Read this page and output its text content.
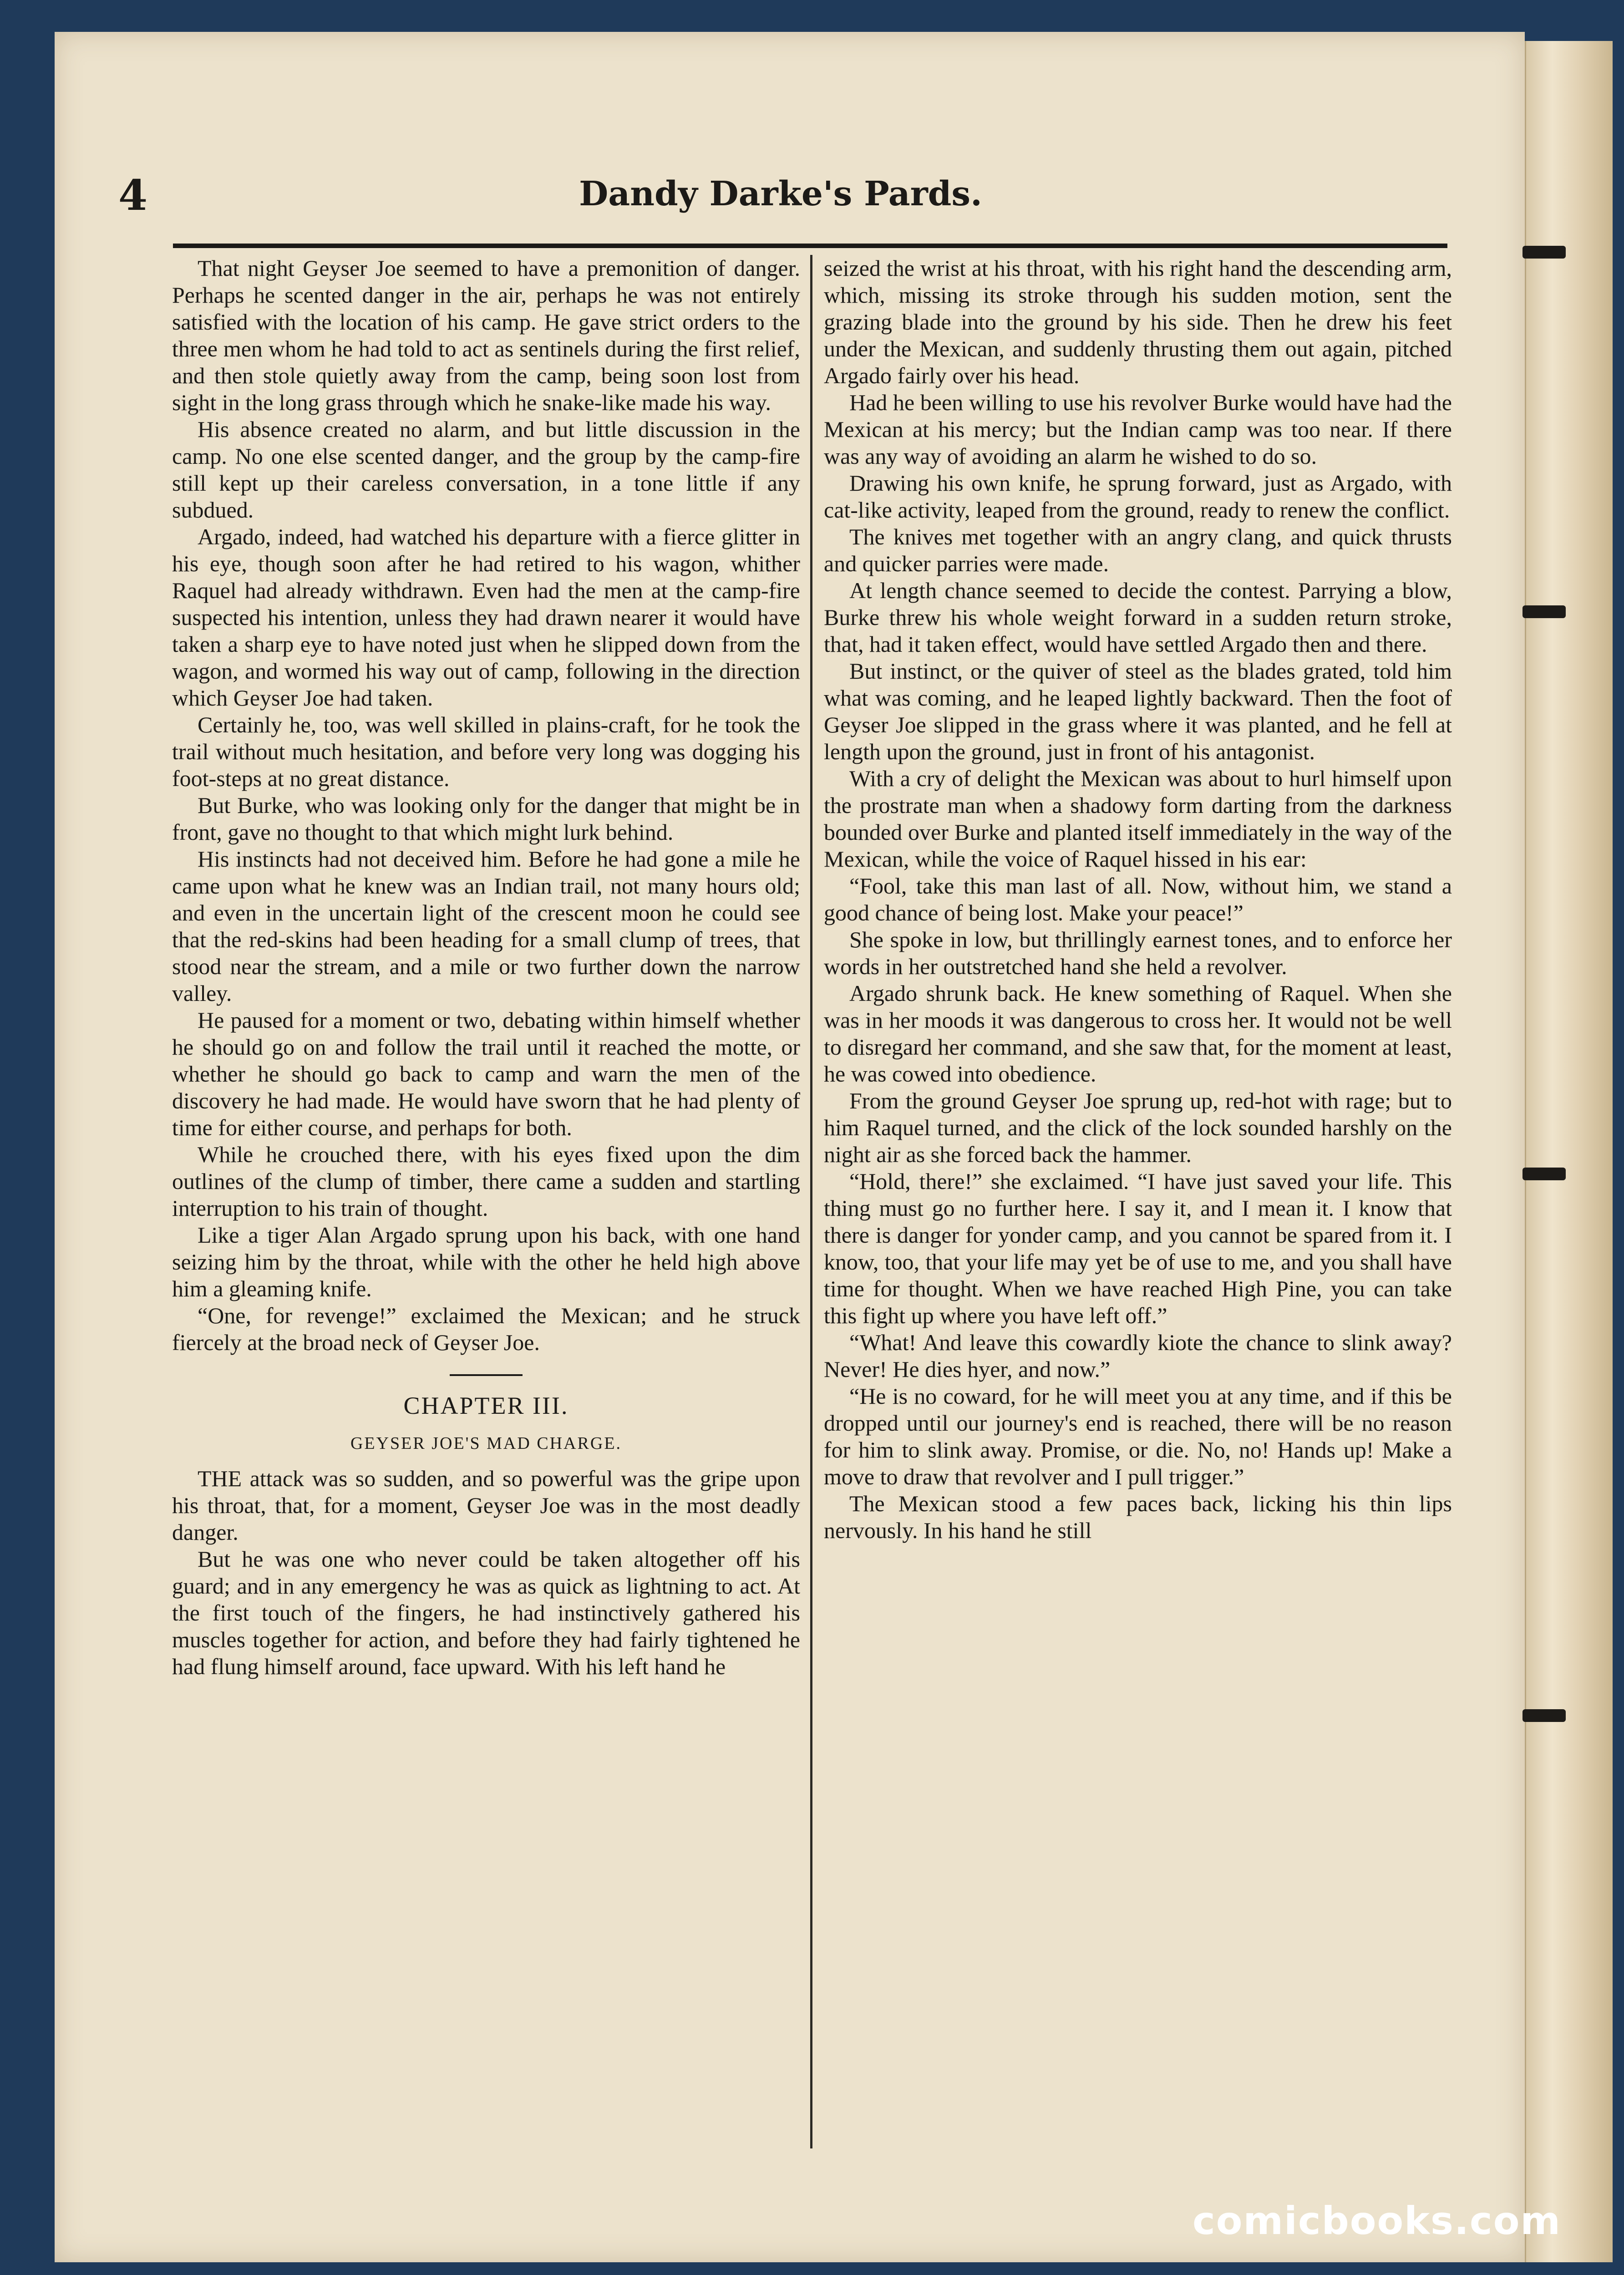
4	Dandy Darke's Pards.

That night Geyser Joe seemed to have a premonition of danger. Perhaps he scented danger in the air, perhaps he was not entirely satisfied with the location of his camp. He gave strict orders to the three men whom he had told to act as sentinels during the first relief, and then stole quietly away from the camp, being soon lost from sight in the long grass through which he snake-like made his way.

His absence created no alarm, and but little discussion in the camp. No one else scented danger, and the group by the camp-fire still kept up their careless conversation, in a tone little if any subdued.

Argado, indeed, had watched his departure with a fierce glitter in his eye, though soon after he had retired to his wagon, whither Raquel had already withdrawn. Even had the men at the camp-fire suspected his intention, unless they had drawn nearer it would have taken a sharp eye to have noted just when he slipped down from the wagon, and wormed his way out of camp, following in the direction which Geyser Joe had taken.

Certainly he, too, was well skilled in plains-craft, for he took the trail without much hesitation, and before very long was dogging his foot-steps at no great distance.

But Burke, who was looking only for the danger that might be in front, gave no thought to that which might lurk behind.

His instincts had not deceived him. Before he had gone a mile he came upon what he knew was an Indian trail, not many hours old; and even in the uncertain light of the crescent moon he could see that the red-skins had been heading for a small clump of trees, that stood near the stream, and a mile or two further down the narrow valley.

He paused for a moment or two, debating within himself whether he should go on and follow the trail until it reached the motte, or whether he should go back to camp and warn the men of the discovery he had made. He would have sworn that he had plenty of time for either course, and perhaps for both.

While he crouched there, with his eyes fixed upon the dim outlines of the clump of timber, there came a sudden and startling interruption to his train of thought.

Like a tiger Alan Argado sprung upon his back, with one hand seizing him by the throat, while with the other he held high above him a gleaming knife.

“One, for revenge!” exclaimed the Mexican; and he struck fiercely at the broad neck of Geyser Joe.

CHAPTER III.
GEYSER JOE'S MAD CHARGE.

THE attack was so sudden, and so powerful was the gripe upon his throat, that, for a moment, Geyser Joe was in the most deadly danger.

But he was one who never could be taken altogether off his guard; and in any emergency he was as quick as lightning to act. At the first touch of the fingers, he had instinctively gathered his muscles together for action, and before they had fairly tightened he had flung himself around, face upward. With his left hand he

seized the wrist at his throat, with his right hand the descending arm, which, missing its stroke through his sudden motion, sent the grazing blade into the ground by his side. Then he drew his feet under the Mexican, and suddenly thrusting them out again, pitched Argado fairly over his head.

Had he been willing to use his revolver Burke would have had the Mexican at his mercy; but the Indian camp was too near. If there was any way of avoiding an alarm he wished to do so.

Drawing his own knife, he sprung forward, just as Argado, with cat-like activity, leaped from the ground, ready to renew the conflict.

The knives met together with an angry clang, and quick thrusts and quicker parries were made.

At length chance seemed to decide the contest. Parrying a blow, Burke threw his whole weight forward in a sudden return stroke, that, had it taken effect, would have settled Argado then and there.

But instinct, or the quiver of steel as the blades grated, told him what was coming, and he leaped lightly backward. Then the foot of Geyser Joe slipped in the grass where it was planted, and he fell at length upon the ground, just in front of his antagonist.

With a cry of delight the Mexican was about to hurl himself upon the prostrate man when a shadowy form darting from the darkness bounded over Burke and planted itself immediately in the way of the Mexican, while the voice of Raquel hissed in his ear:

“Fool, take this man last of all. Now, without him, we stand a good chance of being lost. Make your peace!”

She spoke in low, but thrillingly earnest tones, and to enforce her words in her outstretched hand she held a revolver.

Argado shrunk back. He knew something of Raquel. When she was in her moods it was dangerous to cross her. It would not be well to disregard her command, and she saw that, for the moment at least, he was cowed into obedience.

From the ground Geyser Joe sprung up, red-hot with rage; but to him Raquel turned, and the click of the lock sounded harshly on the night air as she forced back the hammer.

“Hold, there!” she exclaimed. “I have just saved your life. This thing must go no further here. I say it, and I mean it. I know that there is danger for yonder camp, and you cannot be spared from it. I know, too, that your life may yet be of use to me, and you shall have time for thought. When we have reached High Pine, you can take this fight up where you have left off.”

“What! And leave this cowardly kiote the chance to slink away? Never! He dies hyer, and now.”

“He is no coward, for he will meet you at any time, and if this be dropped until our journey's end is reached, there will be no reason for him to slink away. Promise, or die. No, no! Hands up! Make a move to draw that revolver and I pull trigger.”

The Mexican stood a few paces back, licking his thin lips nervously. In his hand he still

comicbooks.com
